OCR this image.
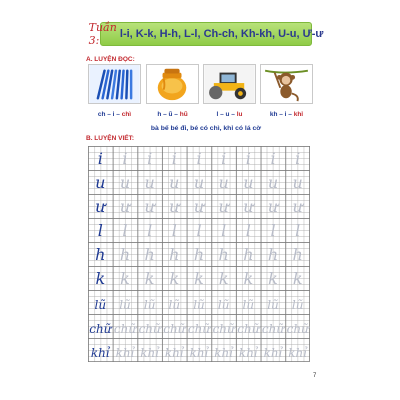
Tuần 3:	l-i, K-k, H-h, L-l, Ch-ch, Kh-kh, U-u, Ư-ư
A. LUYỆN ĐỌC:
ch – i – chì	h – ũ – hũ	l – u – lu	kh – i – khỉ
bà bế bé đi, bé có chì, khỉ có lá cờ
B. LUYỆN VIẾT:
i	i	i	i	i	i	i	i	i
u u u u u u u u u
ư ư ư ư ư ư ư ư ư
l	l	l	l	l	l	l	l	l
h h h h h h h h h
k k k k k k k k k
lũ	lũ	lũ	lũ	lũ	lũ	lũ	lũ	lũ
chữ chữ chữ chữ chữ chữ chữ chữ chữ
khỉ khỉ khỉ khỉ khỉ khỉ khỉ khỉ khỉ
7
